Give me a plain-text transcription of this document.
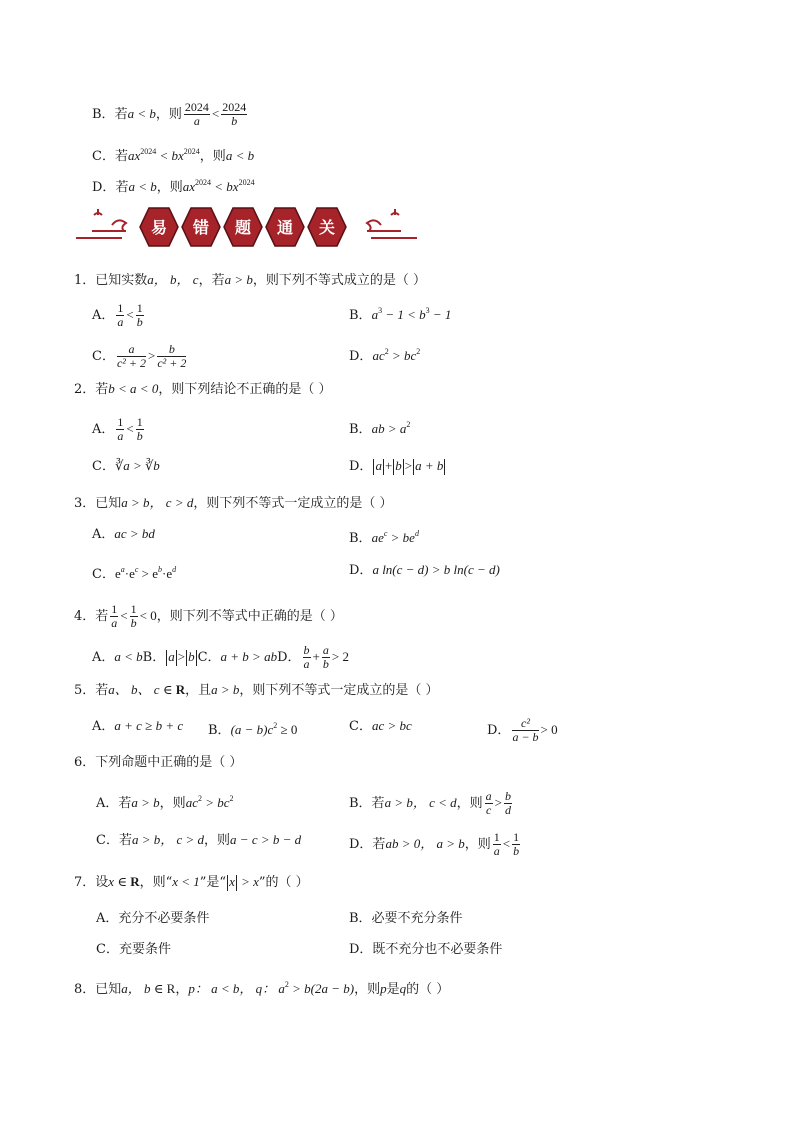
B．若a < b，则 $\frac{2024}{a} < \frac{2024}{b}$
C．若$ax^{2024} < bx^{2024}$，则a < b
D．若a < b，则$ax^{2024} < bx^{2024}$
易 错 题 通 关
1．已知实数a， b， c，若a > b，则下列不等式成立的是（ ）
A． $\frac{1}{a} < \frac{1}{b}$	B．$a^3 - 1 < b^3 - 1$
C． $\frac{a}{\text{c² + 2}} > \frac{b}{\text{c² + 2}}$	D．$ac^2 > bc^2$
2．若b < a < 0，则下列结论不正确的是（ ）
A． $\frac{1}{a} < \frac{1}{b}$	B．ab > $a^2$
C．∛a > ∛b	D． a + b > a + b
3．已知a > b， c > d，则下列不等式一定成立的是（ ）
A．ac > bd	B．$ae^c > be^d$
C．$e^a\cdot e^c > e^b\cdot e^d$	D．a ln(c − d) > b ln(c − d)
4．若 $\frac{1}{a} < \frac{1}{b} < 0$，则下列不等式中正确的是（ ）
A．a < bB． a > b C．a + b > abD． $\frac{b}{a} + \frac{a}{b} > 2$
5．若a、 b、 c ∈ R，且a > b，则下列不等式一定成立的是（ ）
A．a + c ≥ b + c B．$(a - b)c^2 \ge 0$	C．ac > bc	D． $\frac{\text{c²}}{a - b} > 0$
6．下列命题中正确的是（ ）
A．若a > b，则$ac^2 > bc^2$	B．若a > b， c < d，则 $\frac{a}{c} > \frac{b}{d}$
C．若a > b， c > d，则a − c > b − d	D．若ab > 0， a > b，则 $\frac{1}{a} < \frac{1}{b}$
7．设x ∈ R，则“x < 1”是“ x > x”的（ ）
A．充分不必要条件	B．必要不充分条件
C．充要条件	D．既不充分也不必要条件
8．已知a， b ∈ R，p： a < b， q： $a^2 > b(2a - b)$，则p是q的（ ）
